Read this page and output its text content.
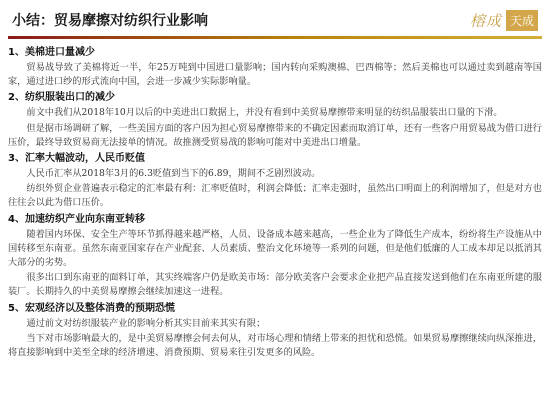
小结：贸易摩擦对纺织行业影响	榕成 天成
1、美棉进口量减少

贸易战导致了美棉将近一半，年25万吨到中国进口量影响；国内转向采购澳棉、巴西棉等；然后美棉也可以通过卖到越南等国家，通过进口纱的形式流向中国，会进一步减少实际影响量。

2、纺织服装出口的减少

前文中我们从2018年10月以后的中美进出口数据上，并没有看到中美贸易摩擦带来明显的纺织品服装出口量的下滑。

但是据市场调研了解，一些美国方面的客户因为担心贸易摩擦带来的不确定因素而取消订单，还有一些客户用贸易战为借口进行压价，最终导致贸易商无法接单的情况。故推测受贸易战的影响可能对中美进出口增量。

3、汇率大幅波动，人民币贬值

人民币汇率从2018年3月的6.3贬值到当下的6.89，期间不乏剧烈波动。

纺织外贸企业普遍表示稳定的汇率最有利：汇率贬值时，利润会降低；汇率走强时，虽然出口明面上的利润增加了，但是对方也往往会以此为借口压价。

4、加速纺织产业向东南亚转移

随着国内环保、安全生产等环节抓得越来越严格，人员、设备成本越来越高，一些企业为了降低生产成本，纷纷将生产设施从中国转移至东南亚。虽然东南亚国家存在产业配套、人员素质、整治文化环境等一系列的问题，但是他们低廉的人工成本却足以抵消其大部分的劣势。

很多出口到东南亚的面料订单，其实终端客户仍是欧美市场：部分欧美客户会要求企业把产品直接发送到他们在东南亚所建的服装厂。长期持久的中美贸易摩擦会继续加速这一进程。

5、宏观经济以及整体消费的预期恐慌

通过前文对纺织服装产业的影响分析其实目前来其实有限；

当下对市场影响最大的，是中美贸易摩擦会何去何从，对市场心理和情绪上带来的担忧和恐慌。如果贸易摩擦继续向纵深推进，将直接影响到中美至全球的经济增速、消费预期、贸易来往引发更多的风险。
